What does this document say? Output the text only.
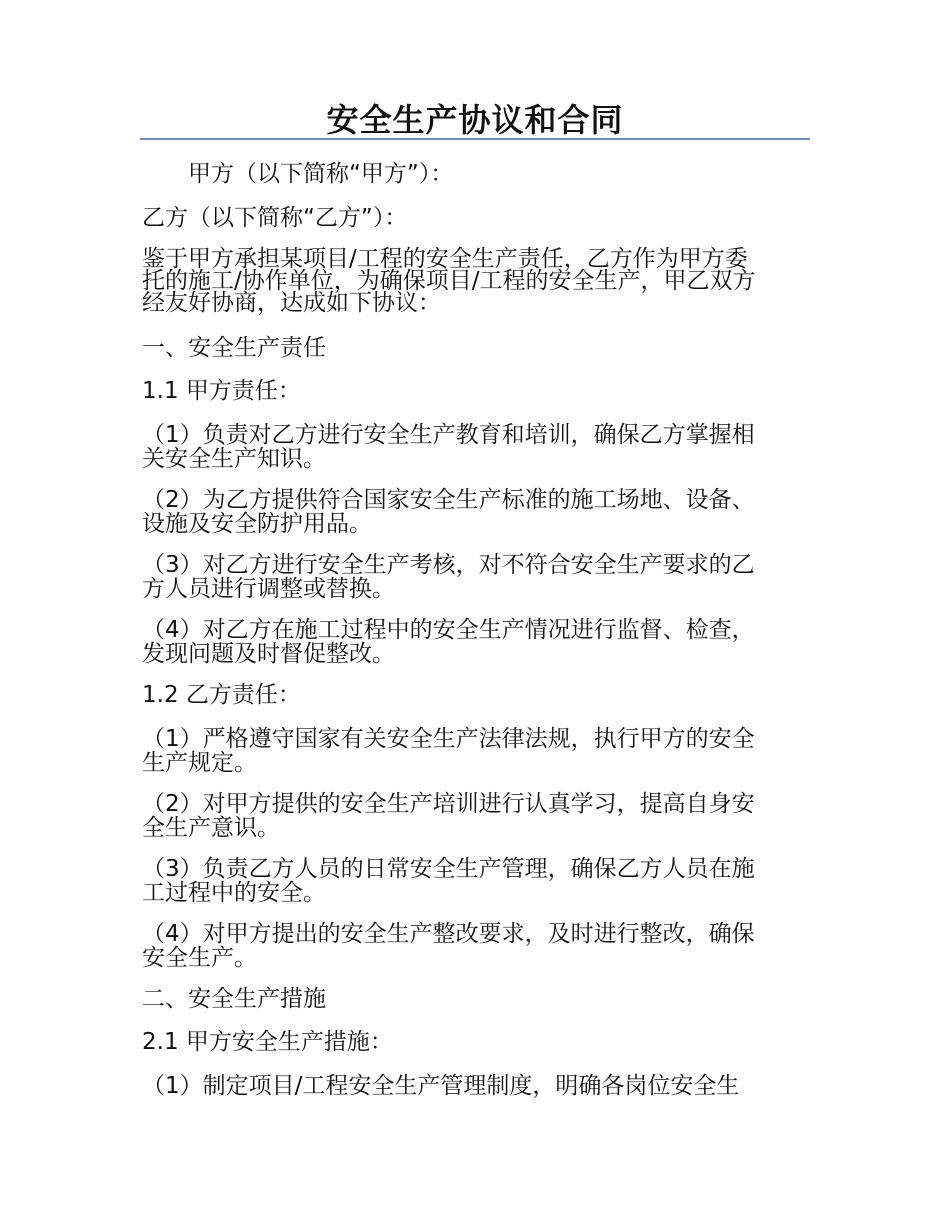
安全生产协议和合同
　　甲方（以下简称“甲方”）：
乙方（以下简称“乙方”）：
鉴于甲方承担某项目/工程的安全生产责任，乙方作为甲方委
托的施工/协作单位，为确保项目/工程的安全生产，甲乙双方
经友好协商，达成如下协议：
一、安全生产责任
1.1 甲方责任：
（1）负责对乙方进行安全生产教育和培训，确保乙方掌握相
关安全生产知识。
（2）为乙方提供符合国家安全生产标准的施工场地、设备、
设施及安全防护用品。
（3）对乙方进行安全生产考核，对不符合安全生产要求的乙
方人员进行调整或替换。
（4）对乙方在施工过程中的安全生产情况进行监督、检查，
发现问题及时督促整改。
1.2 乙方责任：
（1）严格遵守国家有关安全生产法律法规，执行甲方的安全
生产规定。
（2）对甲方提供的安全生产培训进行认真学习，提高自身安
全生产意识。
（3）负责乙方人员的日常安全生产管理，确保乙方人员在施
工过程中的安全。
（4）对甲方提出的安全生产整改要求，及时进行整改，确保
安全生产。
二、安全生产措施
2.1 甲方安全生产措施：
（1）制定项目/工程安全生产管理制度，明确各岗位安全生
